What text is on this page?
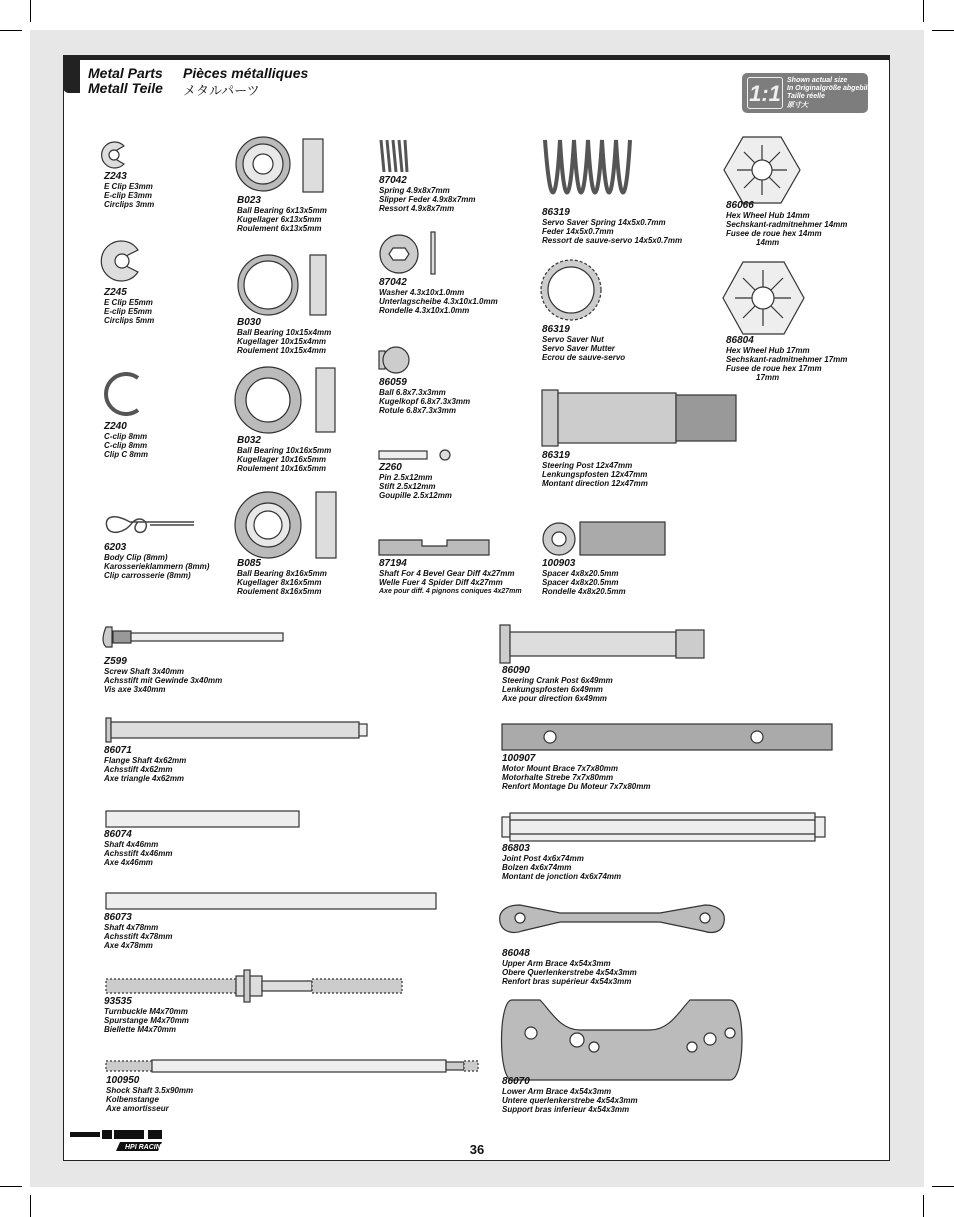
Metal Parts
Metall Teile
Pièces métalliques
メタルパーツ	1:1
Shown actual size
In Originalgröße abgebildet
Taille réelle
原寸大
Z243
E Clip E3mm
E-clip E3mm
Circlips 3mm
Z245
E Clip E5mm
E-clip E5mm
Circlips 5mm
Z240
C-clip 8mm
C-clip 8mm
Clip C 8mm
6203
Body Clip (8mm)
Karosserieklammern (8mm)
Clip carrosserie (8mm)
B023
Ball Bearing 6x13x5mm
Kugellager 6x13x5mm
Roulement 6x13x5mm
B030
Ball Bearing 10x15x4mm
Kugellager 10x15x4mm
Roulement 10x15x4mm
B032
Ball Bearing 10x16x5mm
Kugellager 10x16x5mm
Roulement 10x16x5mm
B085
Ball Bearing 8x16x5mm
Kugellager 8x16x5mm
Roulement 8x16x5mm
87042
Spring 4.9x8x7mm
Slipper Feder 4.9x8x7mm
Ressort 4.9x8x7mm
87042
Washer 4.3x10x1.0mm
Unterlagscheibe 4.3x10x1.0mm
Rondelle 4.3x10x1.0mm
86059
Ball 6.8x7.3x3mm
Kugelkopf 6.8x7.3x3mm
Rotule 6.8x7.3x3mm
Z260
Pin 2.5x12mm
Stift 2.5x12mm
Goupille 2.5x12mm
87194
Shaft For 4 Bevel Gear Diff 4x27mm
Welle Fuer 4 Spider Diff 4x27mm
Axe pour diff. 4 pignons coniques 4x27mm
86319
Servo Saver Spring 14x5x0.7mm
Feder 14x5x0.7mm
Ressort de sauve-servo 14x5x0.7mm
86319
Servo Saver Nut
Servo Saver Mutter
Ecrou de sauve-servo
86319
Steering Post 12x47mm
Lenkungspfosten 12x47mm
Montant direction 12x47mm
100903
Spacer 4x8x20.5mm
Spacer 4x8x20.5mm
Rondelle 4x8x20.5mm
86066
Hex Wheel Hub 14mm
Sechskant-radmitnehmer 14mm
Fusee de roue hex 14mm
14mm
86804
Hex Wheel Hub 17mm
Sechskant-radmitnehmer 17mm
Fusee de roue hex 17mm
17mm
Z599
Screw Shaft 3x40mm
Achsstift mit Gewinde 3x40mm
Vis axe 3x40mm
86071
Flange Shaft 4x62mm
Achsstift 4x62mm
Axe triangle 4x62mm
86074
Shaft 4x46mm
Achsstift 4x46mm
Axe 4x46mm
86073
Shaft 4x78mm
Achsstift 4x78mm
Axe 4x78mm
93535
Turnbuckle M4x70mm
Spurstange M4x70mm
Biellette M4x70mm
100950
Shock Shaft 3.5x90mm
Kolbenstange
Axe amortisseur
86090
Steering Crank Post 6x49mm
Lenkungspfosten 6x49mm
Axe pour direction 6x49mm
100907
Motor Mount Brace 7x7x80mm
Motorhalte Strebe 7x7x80mm
Renfort Montage Du Moteur 7x7x80mm
86803
Joint Post 4x6x74mm
Bolzen 4x6x74mm
Montant de jonction 4x6x74mm
86048
Upper Arm Brace 4x54x3mm
Obere Querlenkerstrebe 4x54x3mm
Renfort bras supérieur 4x54x3mm
86070
Lower Arm Brace 4x54x3mm
Untere querlenkerstrebe 4x54x3mm
Support bras inferieur 4x54x3mm
HPI RACING	36
